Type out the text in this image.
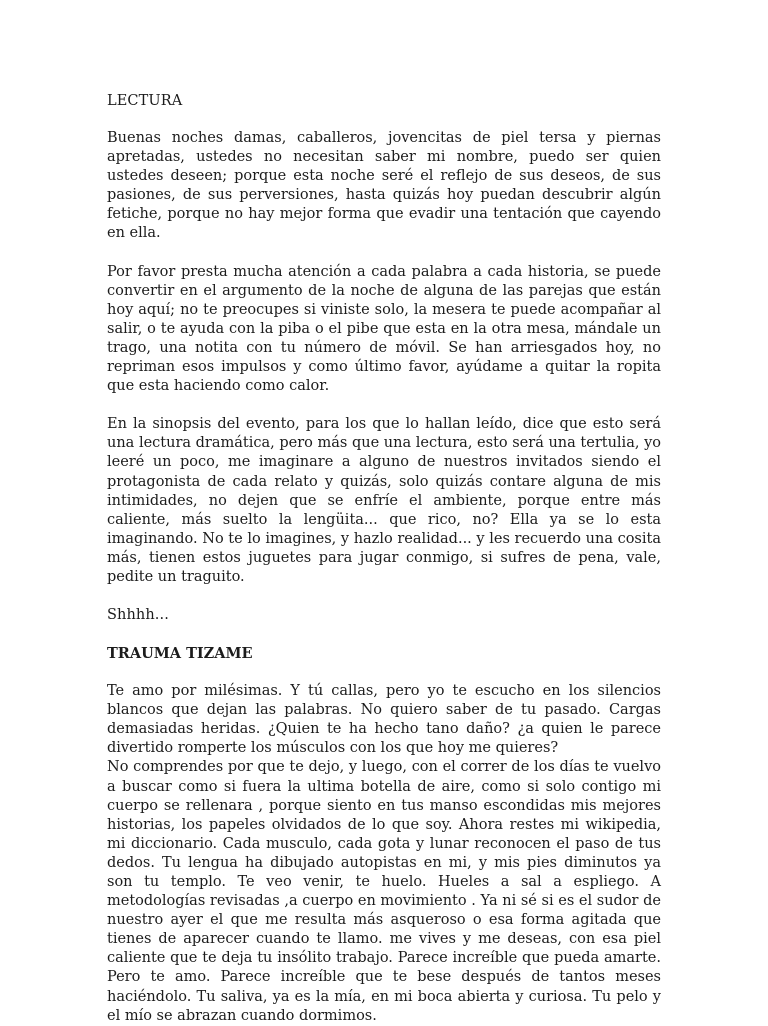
LECTURA

Buenas noches damas, caballeros, jovencitas de piel tersa y piernas apretadas, ustedes no necesitan saber mi nombre, puedo ser quien ustedes deseen; porque esta noche seré el reflejo de sus deseos, de sus pasiones, de sus perversiones, hasta quizás hoy puedan descubrir algún fetiche, porque no hay mejor forma que evadir una tentación que cayendo en ella.

Por favor presta mucha atención a cada palabra a cada historia, se puede convertir en el argumento de la noche de alguna de las parejas que están hoy aquí; no te preocupes si viniste solo, la mesera te puede acompañar al salir, o te ayuda con la piba o el pibe que esta en la otra mesa, mándale un trago, una notita con tu número de móvil. Se han arriesgados hoy, no repriman esos impulsos y como último favor, ayúdame a quitar la ropita que esta haciendo como calor.

En la sinopsis del evento, para los que lo hallan leído, dice que esto será una lectura dramática, pero más que una lectura, esto será una tertulia, yo leeré un poco, me imaginare a alguno de nuestros invitados siendo el protagonista de cada relato y quizás, solo quizás contare alguna de mis intimidades, no dejen que se enfríe el ambiente, porque entre más caliente, más suelto la lengüita... que rico, no? Ella ya se lo esta imaginando. No te lo imagines, y hazlo realidad... y les recuerdo una cosita más, tienen estos juguetes para jugar conmigo, si sufres de pena, vale, pedite un traguito.

Shhhh...

TRAUMA TIZAME

Te amo por milésimas. Y tú callas, pero yo te escucho en los silencios blancos que dejan las palabras. No quiero saber de tu pasado. Cargas demasiadas heridas. ¿Quien te ha hecho tano daño? ¿a quien le parece divertido romperte los músculos con los que hoy me quieres?

No comprendes por que te dejo, y luego, con el correr de los días te vuelvo a buscar como si fuera la ultima botella de aire, como si solo contigo mi cuerpo se rellenara , porque siento en tus manso escondidas mis mejores historias, los papeles olvidados de lo que soy. Ahora restes mi wikipedia, mi diccionario. Cada musculo, cada gota y lunar reconocen el paso de tus dedos. Tu lengua ha dibujado autopistas en mi, y mis pies diminutos ya son tu templo. Te veo venir, te huelo. Hueles a sal a espliego. A metodologías revisadas ,a cuerpo en movimiento . Ya ni sé si es el sudor de nuestro ayer el que me resulta más asqueroso o esa forma agitada que tienes de aparecer cuando te llamo. me vives y me deseas, con esa piel caliente que te deja tu insólito trabajo. Parece increíble que pueda amarte. Pero te amo. Parece increíble que te bese después de tantos meses haciéndolo. Tu saliva, ya es la mía, en mi boca abierta y curiosa. Tu pelo y el mío se abrazan cuando dormimos.
